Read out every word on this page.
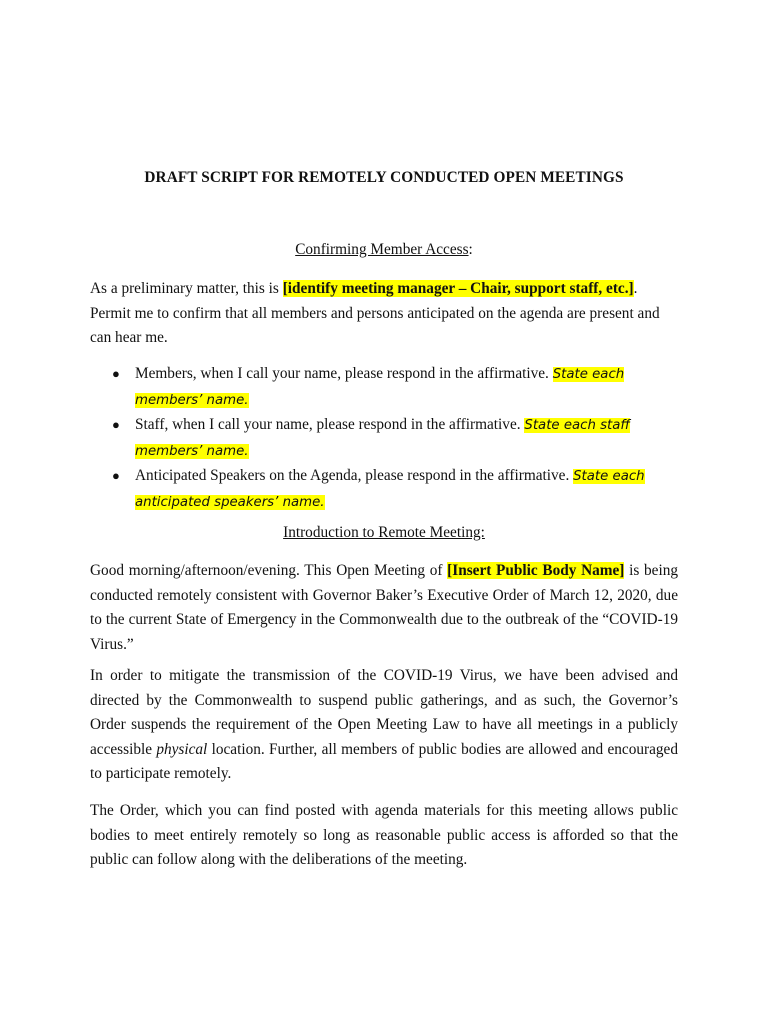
DRAFT SCRIPT FOR REMOTELY CONDUCTED OPEN MEETINGS
Confirming Member Access:
As a preliminary matter, this is [identify meeting manager – Chair, support staff, etc.]. Permit me to confirm that all members and persons anticipated on the agenda are present and can hear me.
● Members, when I call your name, please respond in the affirmative. State each members’ name.
● Staff, when I call your name, please respond in the affirmative. State each staff members’ name.
● Anticipated Speakers on the Agenda, please respond in the affirmative. State each anticipated speakers’ name.
Introduction to Remote Meeting:
Good morning/afternoon/evening. This Open Meeting of [Insert Public Body Name] is being conducted remotely consistent with Governor Baker’s Executive Order of March 12, 2020, due to the current State of Emergency in the Commonwealth due to the outbreak of the “COVID-19 Virus.”
In order to mitigate the transmission of the COVID-19 Virus, we have been advised and directed by the Commonwealth to suspend public gatherings, and as such, the Governor’s Order suspends the requirement of the Open Meeting Law to have all meetings in a publicly accessible physical location. Further, all members of public bodies are allowed and encouraged to participate remotely.
The Order, which you can find posted with agenda materials for this meeting allows public bodies to meet entirely remotely so long as reasonable public access is afforded so that the public can follow along with the deliberations of the meeting.
